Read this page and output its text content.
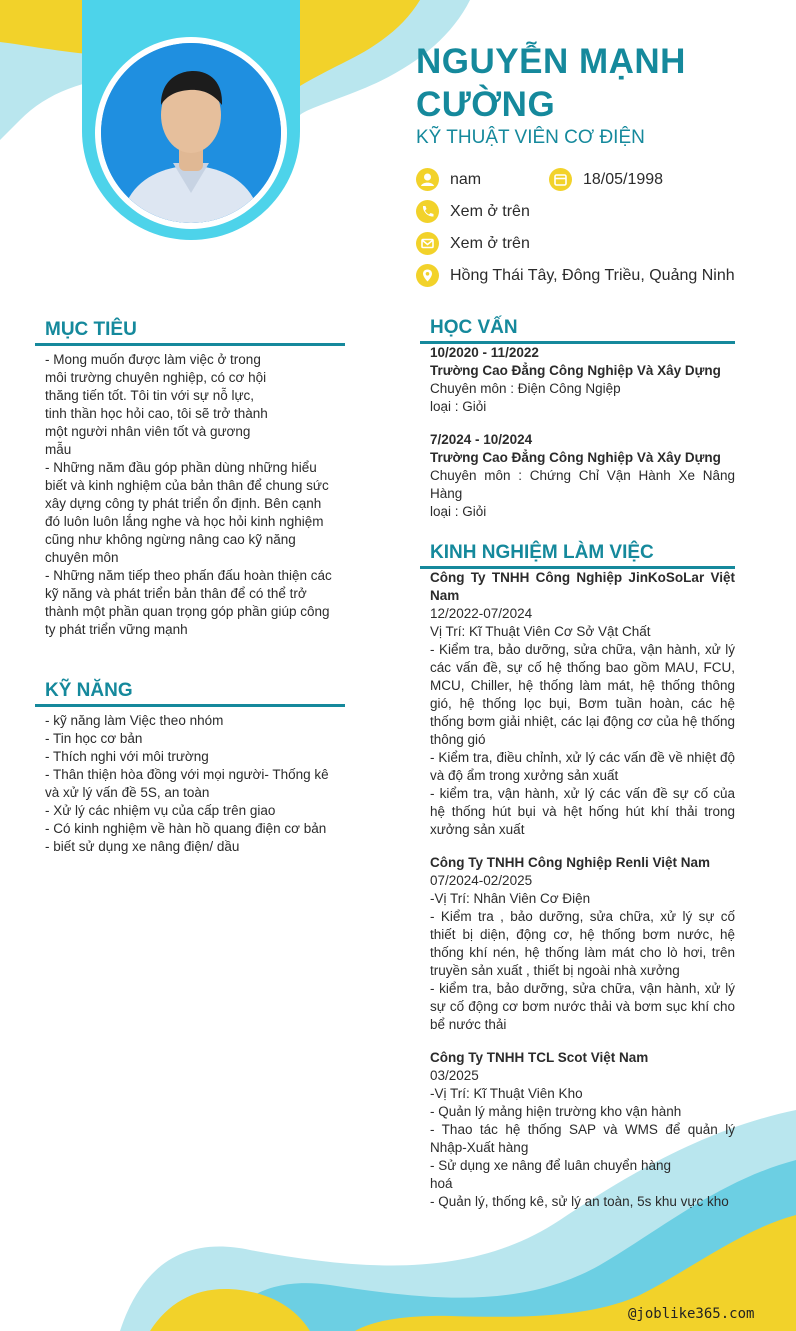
NGUYỄN MẠNH CƯỜNG
KỸ THUẬT VIÊN CƠ ĐIỆN
nam	18/05/1998
Xem ở trên
Xem ở trên
Hồng Thái Tây, Đông Triều, Quảng Ninh
MỤC TIÊU

- Mong muốn được làm việc ở trong

môi trường chuyên nghiệp, có cơ hội

thăng tiến tốt. Tôi tin với sự nỗ lực,

tinh thần học hỏi cao, tôi sẽ trở thành

một người nhân viên tốt và gương

mẫu

- Những năm đầu góp phần dùng những hiểu

biết và kinh nghiệm của bản thân để chung sức

xây dựng công ty phát triển ổn định. Bên cạnh

đó luôn luôn lắng nghe và học hỏi kinh nghiệm

cũng như không ngừng nâng cao kỹ năng

chuyên môn

- Những năm tiếp theo phấn đấu hoàn thiện các

kỹ năng và phát triển bản thân để có thể trở

thành một phần quan trọng góp phần giúp công

ty phát triển vững mạnh

KỸ NĂNG

- kỹ năng làm Việc theo nhóm

- Tin học cơ bản

- Thích nghi với môi trường

- Thân thiện hòa đồng với mọi người- Thống kê

và xử lý vấn đề 5S, an toàn

- Xử lý các nhiệm vụ của cấp trên giao

- Có kinh nghiệm về hàn hồ quang điện cơ bản

- biết sử dụng xe nâng điện/ dầu

HỌC VẤN

10/2020 - 11/2022

Trường Cao Đẳng Công Nghiệp Và Xây Dựng

Chuyên môn : Điện Công Ngiệp

loại : Giỏi

7/2024 - 10/2024

Trường Cao Đẳng Công Nghiệp Và Xây Dựng

Chuyên môn : Chứng Chỉ Vận Hành Xe Nâng Hàng

loại : Giỏi

KINH NGHIỆM LÀM VIỆC

Công Ty TNHH Công Nghiệp JinKoSoLar Việt Nam

12/2022-07/2024

Vị Trí: Kĩ Thuật Viên Cơ Sở Vật Chất

- Kiểm tra, bảo dưỡng, sửa chữa, vận hành, xử lý các vấn đề, sự cố hệ thống bao gồm MAU, FCU, MCU, Chiller, hệ thống làm mát, hệ thống thông gió, hệ thống lọc bụi, Bơm tuần hoàn, các hệ thống bơm giải nhiệt, các lại động cơ của hệ thống thông gió

- Kiểm tra, điều chỉnh, xử lý các vấn đề về nhiệt độ và độ ẩm trong xưởng sản xuất

- kiểm tra, vận hành, xử lý các vấn đề sự cố của hệ thống hút bụi và hệt hống hút khí thải trong xưởng sản xuất

Công Ty TNHH Công Nghiệp Renli Việt Nam

07/2024-02/2025

-Vị Trí: Nhân Viên Cơ Điện

- Kiểm tra , bảo dưỡng, sửa chữa, xử lý sự cố thiết bị diện, động cơ, hệ thống bơm nước, hệ thống khí nén, hệ thống làm mát cho lò hơi, trên truyền sản xuất , thiết bị ngoài nhà xưởng

- kiểm tra, bảo dưỡng, sửa chữa, vận hành, xử lý sự cố động cơ bơm nước thải và bơm sục khí cho bể nước thải

Công Ty TNHH TCL Scot Việt Nam

03/2025

-Vị Trí: Kĩ Thuật Viên Kho

- Quản lý mảng hiện trường kho vận hành

- Thao tác hệ thống SAP và WMS để quản lý Nhập-Xuất hàng

- Sử dụng xe nâng để luân chuyển hàng

hoá

- Quản lý, thống kê, sử lý an toàn, 5s khu vực kho

@joblike365.com
